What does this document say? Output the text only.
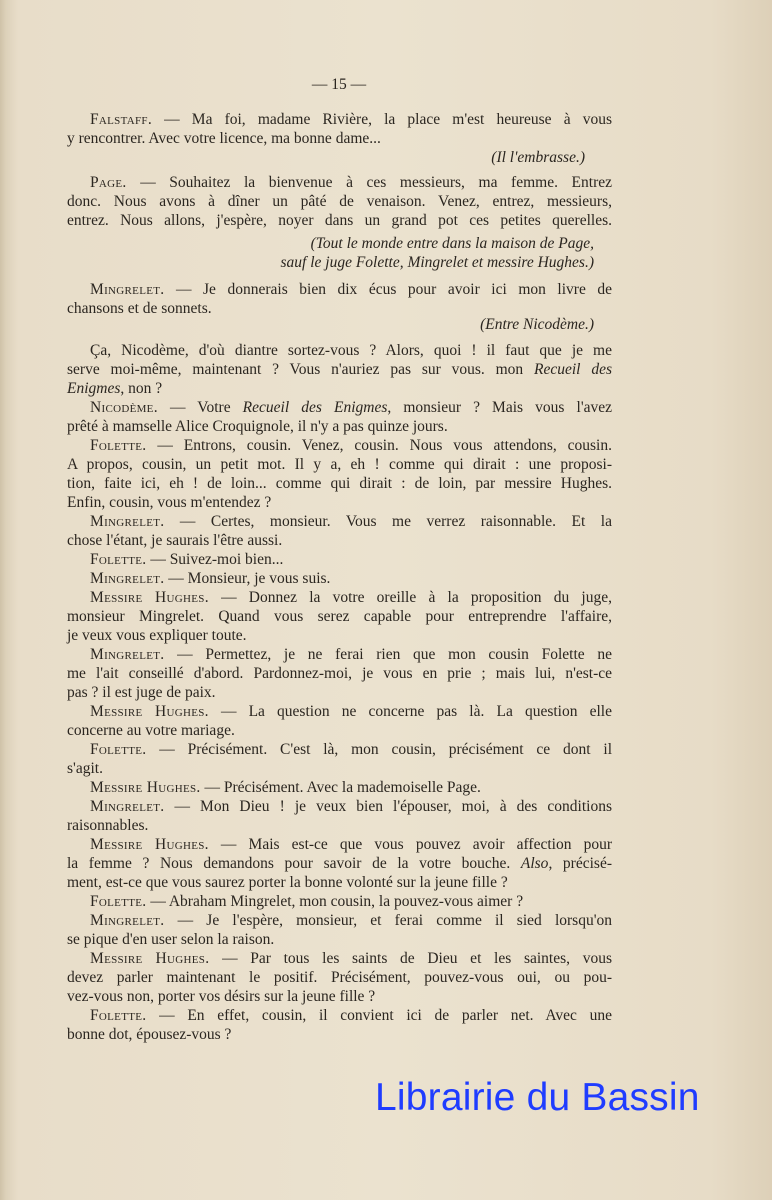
— 15 —
Falstaff. — Ma foi, madame Rivière, la place m'est heureuse à vous
y rencontrer. Avec votre licence, ma bonne dame...
(Il l'embrasse.)
Page. — Souhaitez la bienvenue à ces messieurs, ma femme. Entrez
donc. Nous avons à dîner un pâté de venaison. Venez, entrez, messieurs,
entrez. Nous allons, j'espère, noyer dans un grand pot ces petites querelles.
(Tout le monde entre dans la maison de Page,
sauf le juge Folette, Mingrelet et messire Hughes.)
Mingrelet. — Je donnerais bien dix écus pour avoir ici mon livre de
chansons et de sonnets.
(Entre Nicodème.)
Ça, Nicodème, d'où diantre sortez-vous ? Alors, quoi ! il faut que je me
serve moi-même, maintenant ? Vous n'auriez pas sur vous. mon Recueil des
Enigmes, non ?
Nicodème. — Votre Recueil des Enigmes, monsieur ? Mais vous l'avez
prêté à mamselle Alice Croquignole, il n'y a pas quinze jours.
Folette. — Entrons, cousin. Venez, cousin. Nous vous attendons, cousin.
A propos, cousin, un petit mot. Il y a, eh ! comme qui dirait : une proposi-
tion, faite ici, eh ! de loin... comme qui dirait : de loin, par messire Hughes.
Enfin, cousin, vous m'entendez ?
Mingrelet. — Certes, monsieur. Vous me verrez raisonnable. Et la
chose l'étant, je saurais l'être aussi.
Folette. — Suivez-moi bien...
Mingrelet. — Monsieur, je vous suis.
Messire Hughes. — Donnez la votre oreille à la proposition du juge,
monsieur Mingrelet. Quand vous serez capable pour entreprendre l'affaire,
je veux vous expliquer toute.
Mingrelet. — Permettez, je ne ferai rien que mon cousin Folette ne
me l'ait conseillé d'abord. Pardonnez-moi, je vous en prie ; mais lui, n'est-ce
pas ? il est juge de paix.
Messire Hughes. — La question ne concerne pas là. La question elle
concerne au votre mariage.
Folette. — Précisément. C'est là, mon cousin, précisément ce dont il
s'agit.
Messire Hughes. — Précisément. Avec la mademoiselle Page.
Mingrelet. — Mon Dieu ! je veux bien l'épouser, moi, à des conditions
raisonnables.
Messire Hughes. — Mais est-ce que vous pouvez avoir affection pour
la femme ? Nous demandons pour savoir de la votre bouche. Also, précisé-
ment, est-ce que vous saurez porter la bonne volonté sur la jeune fille ?
Folette. — Abraham Mingrelet, mon cousin, la pouvez-vous aimer ?
Mingrelet. — Je l'espère, monsieur, et ferai comme il sied lorsqu'on
se pique d'en user selon la raison.
Messire Hughes. — Par tous les saints de Dieu et les saintes, vous
devez parler maintenant le positif. Précisément, pouvez-vous oui, ou pou-
vez-vous non, porter vos désirs sur la jeune fille ?
Folette. — En effet, cousin, il convient ici de parler net. Avec une
bonne dot, épousez-vous ?
Librairie du Bassin
